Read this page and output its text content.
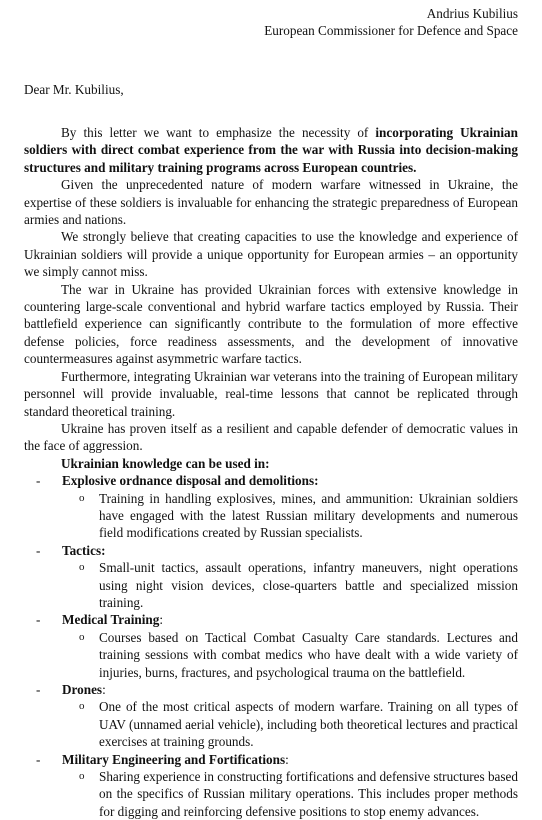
Andrius Kubilius
European Commissioner for Defence and Space
Dear Mr. Kubilius,

By this letter we want to emphasize the necessity of incorporating Ukrainian soldiers with direct combat experience from the war with Russia into decision-making structures and military training programs across European countries.

Given the unprecedented nature of modern warfare witnessed in Ukraine, the expertise of these soldiers is invaluable for enhancing the strategic preparedness of European armies and nations.

We strongly believe that creating capacities to use the knowledge and experience of Ukrainian soldiers will provide a unique opportunity for European armies – an opportunity we simply cannot miss.

The war in Ukraine has provided Ukrainian forces with extensive knowledge in countering large-scale conventional and hybrid warfare tactics employed by Russia. Their battlefield experience can significantly contribute to the formulation of more effective defense policies, force readiness assessments, and the development of innovative countermeasures against asymmetric warfare tactics.

Furthermore, integrating Ukrainian war veterans into the training of European military personnel will provide invaluable, real-time lessons that cannot be replicated through standard theoretical training.

Ukraine has proven itself as a resilient and capable defender of democratic values in the face of aggression.

Ukrainian knowledge can be used in:
- Explosive ordnance disposal and demolitions:
o Training in handling explosives, mines, and ammunition: Ukrainian soldiers have engaged with the latest Russian military developments and numerous field modifications created by Russian specialists.
- Tactics:
o Small-unit tactics, assault operations, infantry maneuvers, night operations using night vision devices, close-quarters battle and specialized mission training.
- Medical Training:
o Courses based on Tactical Combat Casualty Care standards. Lectures and training sessions with combat medics who have dealt with a wide variety of injuries, burns, fractures, and psychological trauma on the battlefield.
- Drones:
o One of the most critical aspects of modern warfare. Training on all types of UAV (unnamed aerial vehicle), including both theoretical lectures and practical exercises at training grounds.
- Military Engineering and Fortifications:
o Sharing experience in constructing fortifications and defensive structures based on the specifics of Russian military operations. This includes proper methods for digging and reinforcing defensive positions to stop enemy advances.
